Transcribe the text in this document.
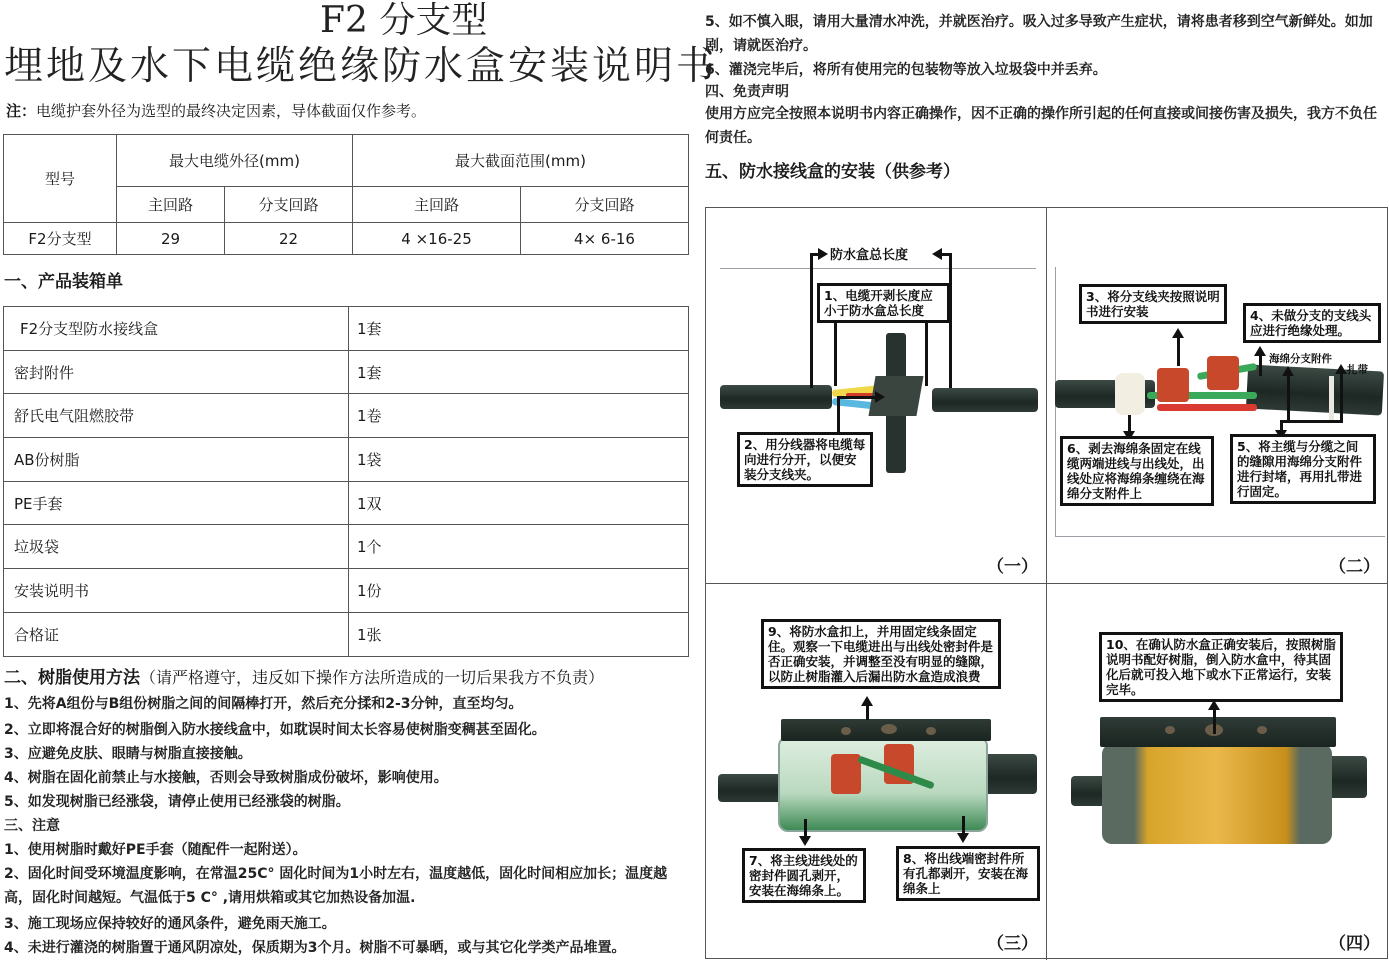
F2 分支型
埋地及水下电缆绝缘防水盒安装说明书
注：电缆护套外径为选型的最终决定因素，导体截面仅作参考。
型号	最大电缆外径(mm)		最大截面范围(mm)	
	主回路	分支回路	主回路	分支回路
F2分支型	29	22	4 ×16-25	4× 6-16
一、产品装箱单
F2分支型防水接线盒	1套
密封附件	1套
舒氏电气阻燃胶带	1卷
AB份树脂	1袋
PE手套	1双
垃圾袋	1个
安装说明书	1份
合格证	1张
二、树脂使用方法（请严格遵守，违反如下操作方法所造成的一切后果我方不负责）
1、先将A组份与B组份树脂之间的间隔棒打开，然后充分揉和2-3分钟，直至均匀。
2、立即将混合好的树脂倒入防水接线盒中，如耽误时间太长容易使树脂变稠甚至固化。
3、应避免皮肤、眼睛与树脂直接接触。
4、树脂在固化前禁止与水接触，否则会导致树脂成份破坏，影响使用。
5、如发现树脂已经涨袋，请停止使用已经涨袋的树脂。
三、注意
1、使用树脂时戴好PE手套（随配件一起附送）。
2、固化时间受环境温度影响，在常温25C° 固化时间为1小时左右，温度越低，固化时间相应加长；温度越高，固化时间越短。气温低于5 C° ,请用烘箱或其它加热设备加温.
3、施工现场应保持较好的通风条件，避免雨天施工。
4、未进行灌浇的树脂置于通风阴凉处，保质期为3个月。树脂不可暴晒，或与其它化学类产品堆置。
5、如不慎入眼，请用大量清水冲洗，并就医治疗。吸入过多导致产生症状，请将患者移到空气新鲜处。如加剧，请就医治疗。
6、灌浇完毕后，将所有使用完的包装物等放入垃圾袋中并丢弃。
四、免责声明
使用方应完全按照本说明书内容正确操作，因不正确的操作所引起的任何直接或间接伤害及损失，我方不负任何责任。
五、防水接线盒的安装（供参考）
防水盒总长度
1、电缆开剥长度应小于防水盒总长度
2、用分线器将电缆每向进行分开，以便安装分支线夹。
（一）
3、将分支线夹按照说明书进行安装	4、未做分支的支线头应进行绝缘处理。
海绵分支附件
扎带
6、剥去海绵条固定在线缆两端进线与出线处，出线处应将海绵条缠绕在海绵分支附件上
5、将主缆与分缆之间的缝隙用海绵分支附件进行封堵，再用扎带进行固定。
（二）
9、将防水盒扣上，并用固定线条固定住。观察一下电缆进出与出线处密封件是否正确安装，并调整至没有明显的缝隙，以防止树脂灌入后漏出防水盒造成浪费
7、将主线进线处的密封件圆孔剥开，安装在海绵条上。
8、将出线端密封件所有孔都剥开，安装在海绵条上
（三）
10、在确认防水盒正确安装后，按照树脂说明书配好树脂，倒入防水盒中，待其固化后就可投入地下或水下正常运行，安装完毕。
（四）
